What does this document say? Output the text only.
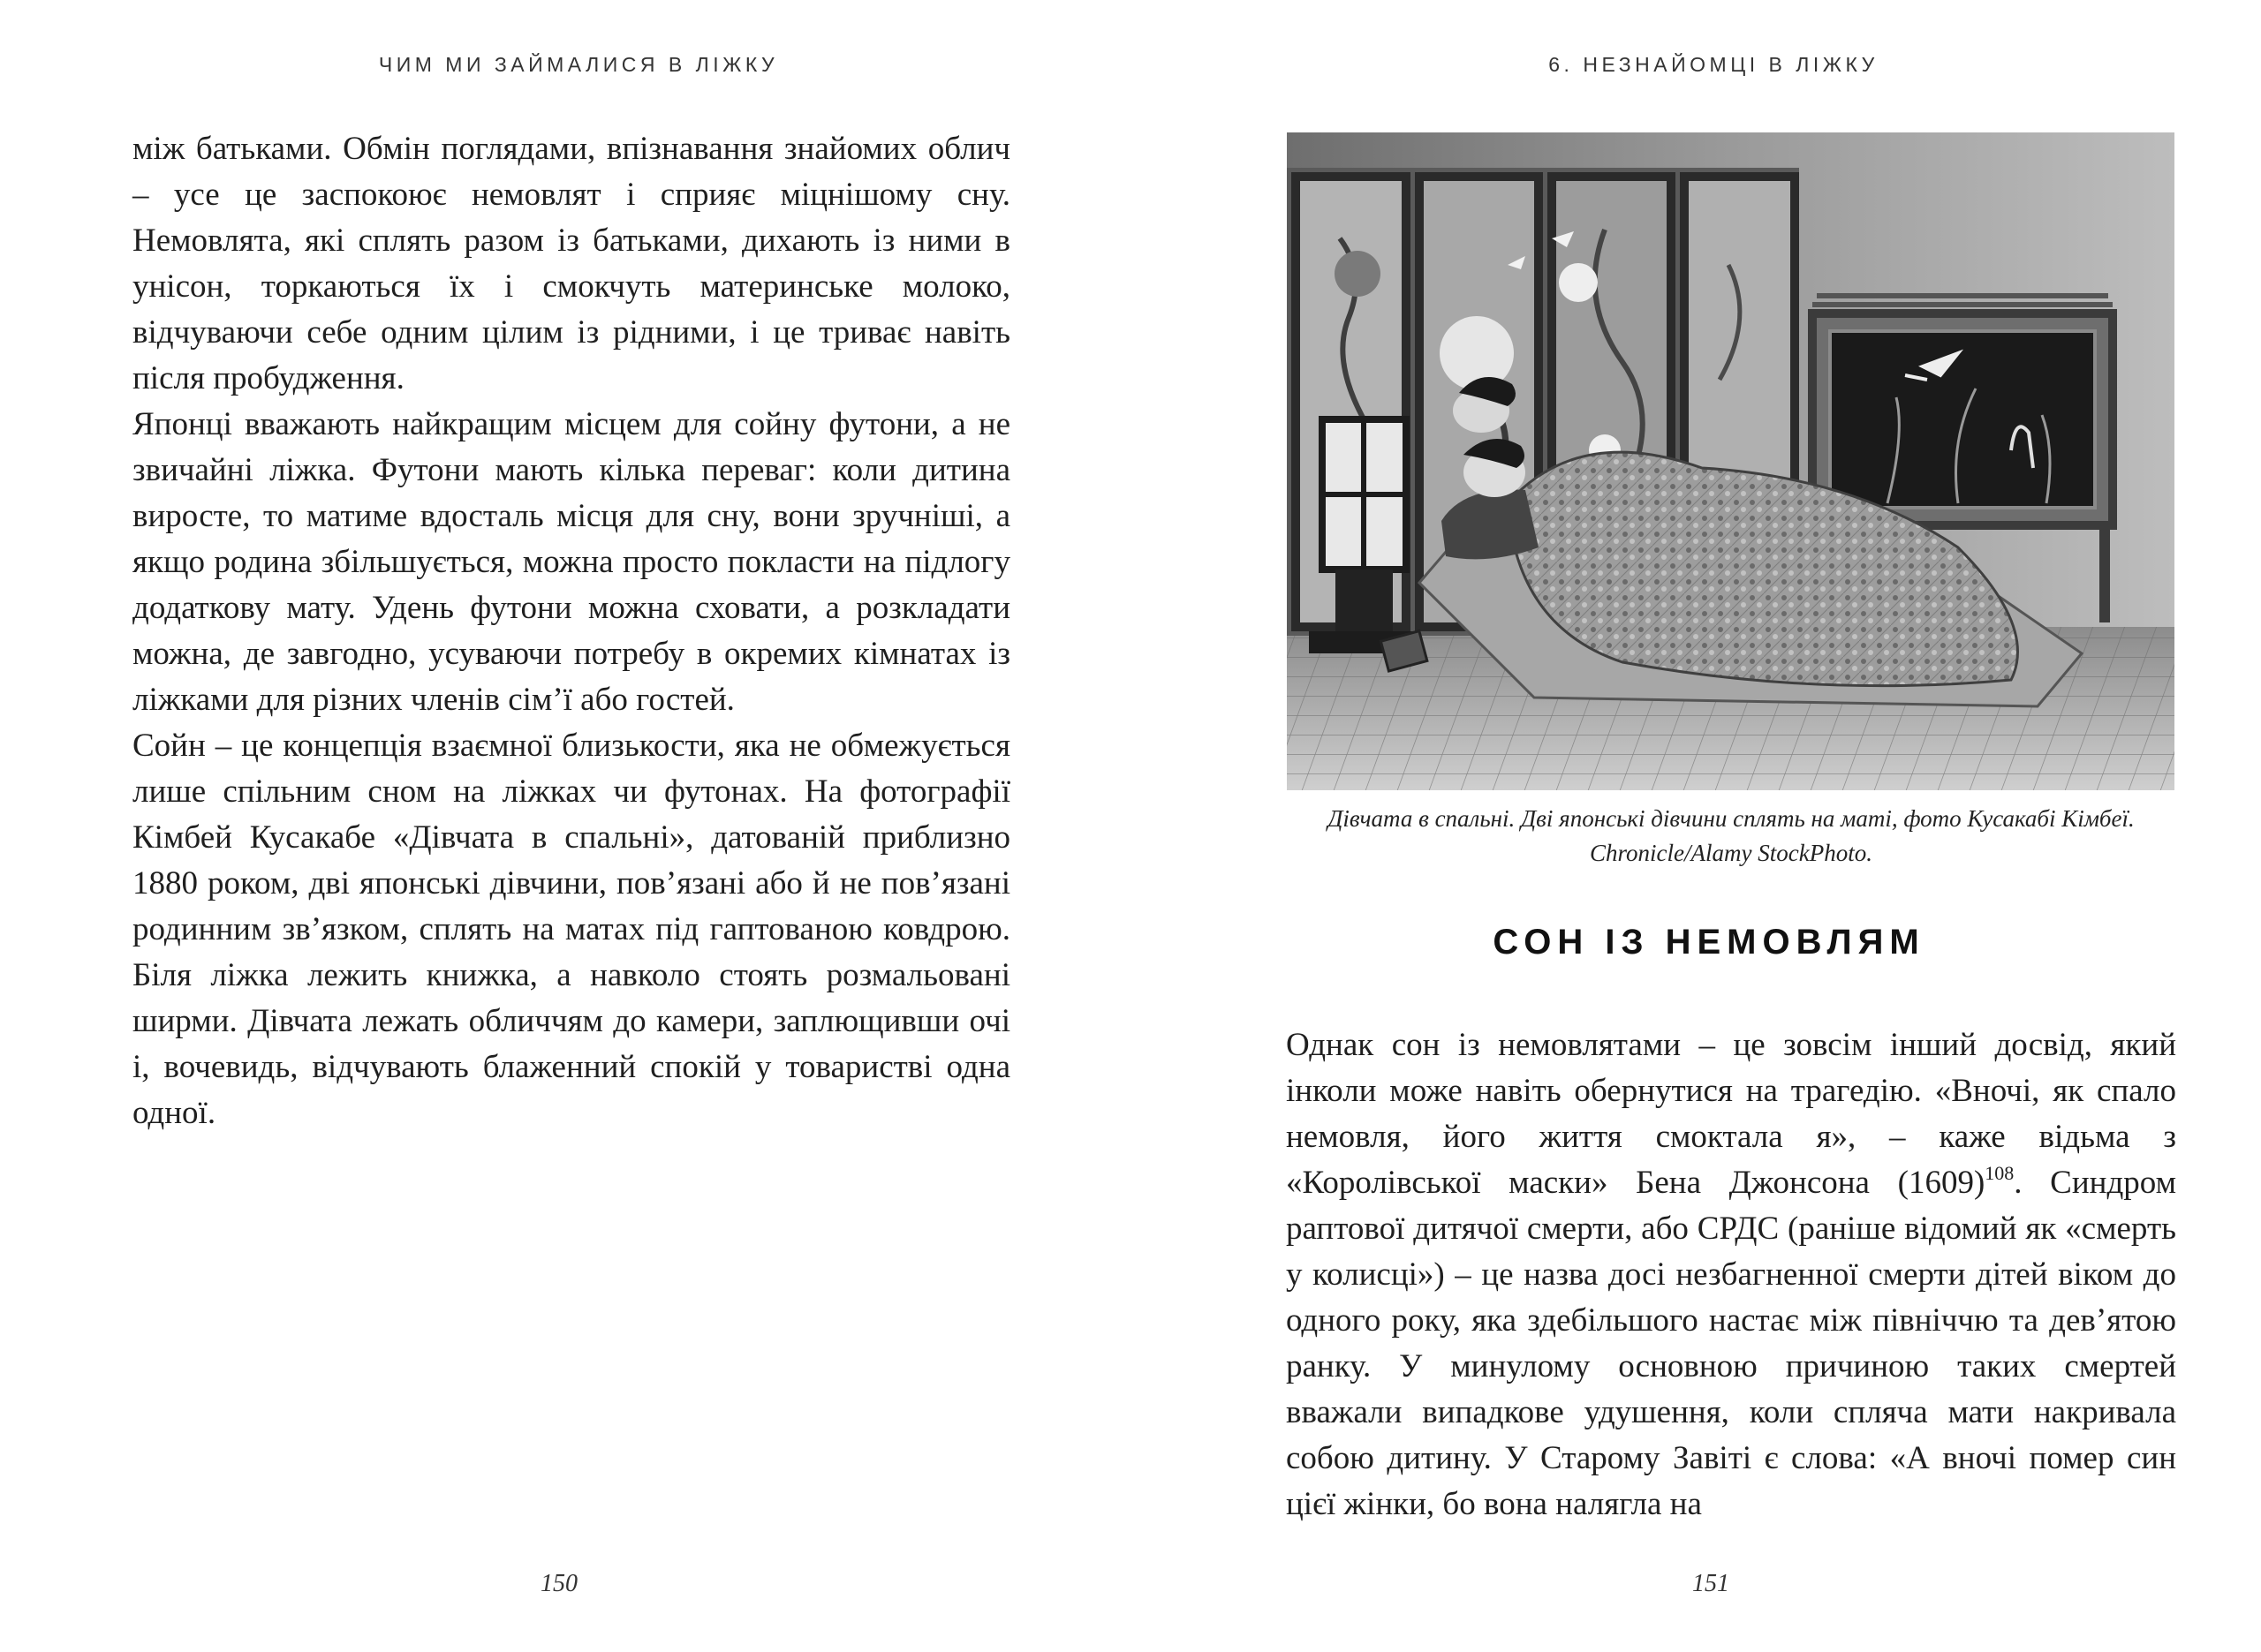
ЧИМ МИ ЗАЙМАЛИСЯ В ЛІЖКУ

між батьками. Обмін поглядами, впізнавання знайомих облич – усе це заспокоює немовлят і сприяє міцнішому сну. Немовлята, які сплять разом із батьками, дихають із ними в унісон, торкаються їх і смокчуть материнське молоко, відчуваючи себе одним цілим із рідними, і це триває навіть після пробудження.

Японці вважають найкращим місцем для сойну футони, а не звичайні ліжка. Футони мають кілька переваг: коли дитина виросте, то матиме вдосталь місця для сну, вони зручніші, а якщо родина збільшується, можна просто покласти на підлогу додаткову мату. Удень футони можна сховати, а розкладати можна, де завгодно, усуваючи потребу в окремих кімнатах із ліжками для різних членів сім’ї або гостей.

Сойн – це концепція взаємної близькости, яка не обмежується лише спільним сном на ліжках чи футонах. На фотографії Кімбей Кусакабе «Дівчата в спальні», датованій приблизно 1880 роком, дві японські дівчини, пов’язані або й не пов’язані родинним зв’язком, сплять на матах під гаптованою ковдрою. Біля ліжка лежить книжка, а навколо стоять розмальовані ширми. Дівчата лежать обличчям до камери, заплющивши очі і, вочевидь, відчувають блаженний спокій у товаристві одна одної.

150
6. НЕЗНАЙОМЦІ В ЛІЖКУ
Дівчата в спальні. Дві японські дівчини сплять на маті, фото Кусакабі Кімбеї.
Chronicle/Alamy StockPhoto.
СОН ІЗ НЕМОВЛЯМ

Однак сон із немовлятами – це зовсім інший досвід, який інколи може навіть обернутися на трагедію. «Вночі, як спало немовля, його життя смоктала я», – каже відьма з «Королівської маски» Бена Джонсона $(1609)^{108}$. Синдром раптової дитячої смерти, або СРДС (раніше відомий як «смерть у колисці») – це назва досі незбагненної смерти дітей віком до одного року, яка здебільшого настає між північчю та дев’ятою ранку. У минулому основною причиною таких смертей вважали випадкове удушення, коли спляча мати накривала собою дитину. У Старому Завіті є слова: «А вночі помер син цієї жінки, бо вона налягла на

151
